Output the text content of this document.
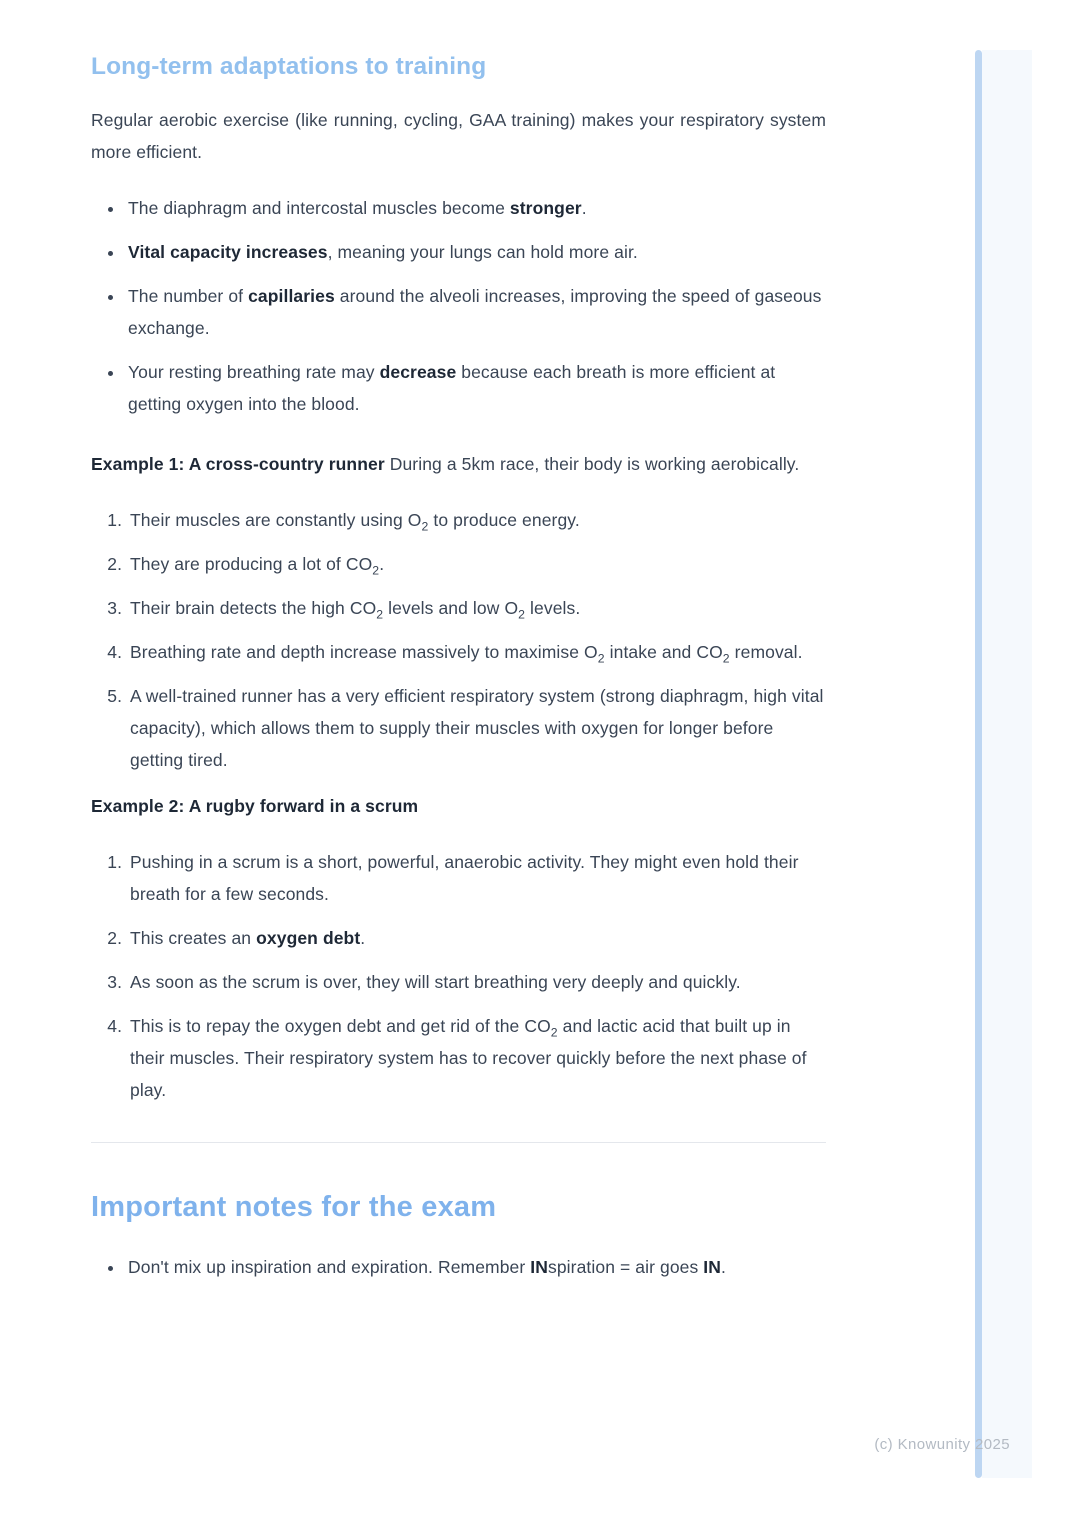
Long-term adaptations to training

Regular aerobic exercise (like running, cycling, GAA training) makes your respiratory system more efficient.

• The diaphragm and intercostal muscles become stronger.
• Vital capacity increases, meaning your lungs can hold more air.
• The number of capillaries around the alveoli increases, improving the speed of gaseous exchange.
• Your resting breathing rate may decrease because each breath is more efficient at getting oxygen into the blood.

Example 1: A cross-country runner During a 5km race, their body is working aerobically.

1. Their muscles are constantly using $O_2$ to produce energy.
2. They are producing a lot of $CO_2$.
3. Their brain detects the high $CO_2$ levels and low $O_2$ levels.
4. Breathing rate and depth increase massively to maximise $O_2$ intake and $CO_2$ removal.
5. A well-trained runner has a very efficient respiratory system (strong diaphragm, high vital capacity), which allows them to supply their muscles with oxygen for longer before getting tired.

Example 2: A rugby forward in a scrum

1. Pushing in a scrum is a short, powerful, anaerobic activity. They might even hold their breath for a few seconds.
2. This creates an oxygen debt.
3. As soon as the scrum is over, they will start breathing very deeply and quickly.
4. This is to repay the oxygen debt and get rid of the $CO_2$ and lactic acid that built up in their muscles. Their respiratory system has to recover quickly before the next phase of play.
Important notes for the exam
• Don't mix up inspiration and expiration. Remember INspiration = air goes IN.
(c) Knowunity 2025
